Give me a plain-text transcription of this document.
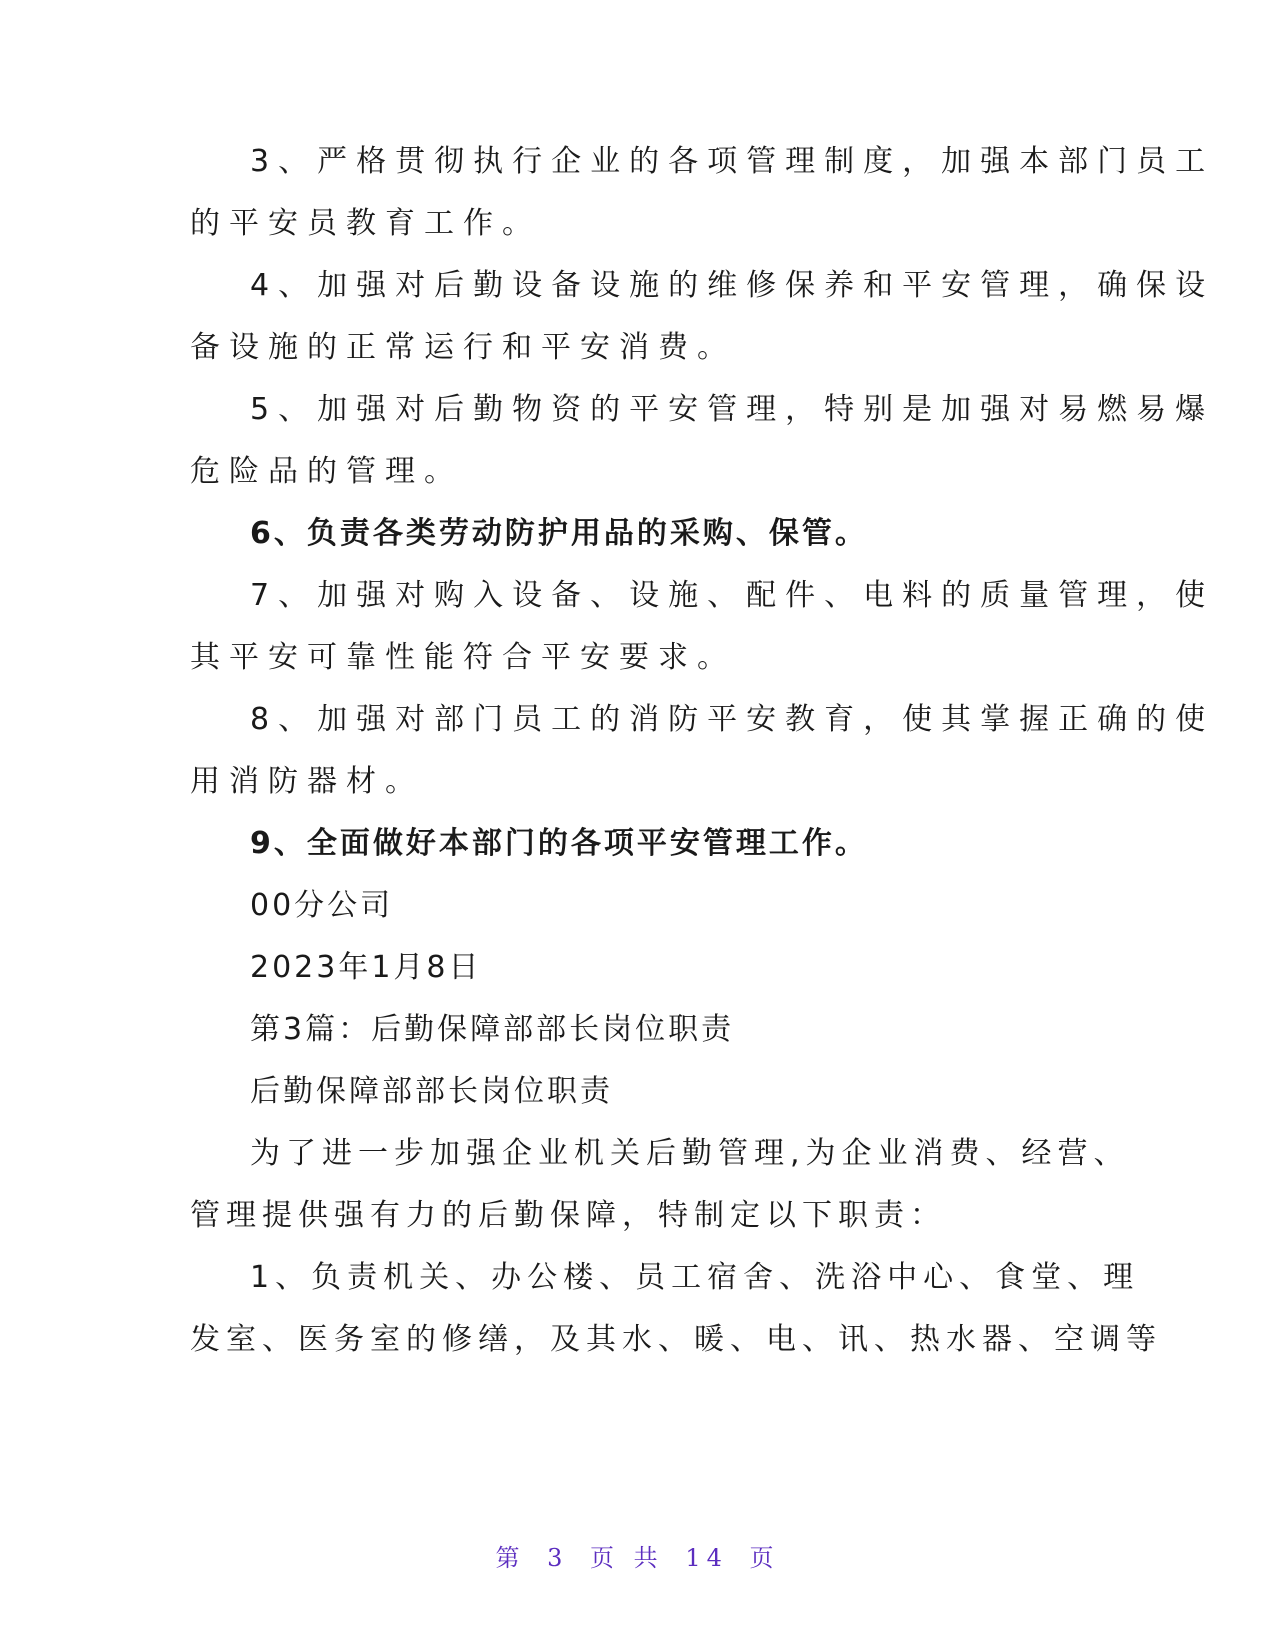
3、严格贯彻执行企业的各项管理制度，加强本部门员工
的平安员教育工作。
4、加强对后勤设备设施的维修保养和平安管理，确保设
备设施的正常运行和平安消费。
5、加强对后勤物资的平安管理，特别是加强对易燃易爆
危险品的管理。
6、负责各类劳动防护用品的采购、保管。
7、加强对购入设备、设施、配件、电料的质量管理，使
其平安可靠性能符合平安要求。
8、加强对部门员工的消防平安教育，使其掌握正确的使
用消防器材。
9、全面做好本部门的各项平安管理工作。
00分公司
2023年1月8日
第3篇：后勤保障部部长岗位职责
后勤保障部部长岗位职责
为了进一步加强企业机关后勤管理,为企业消费、经营、
管理提供强有力的后勤保障，特制定以下职责：
1、负责机关、办公楼、员工宿舍、洗浴中心、食堂、理
发室、医务室的修缮，及其水、暖、电、讯、热水器、空调等
第 3 页 共 14 页
